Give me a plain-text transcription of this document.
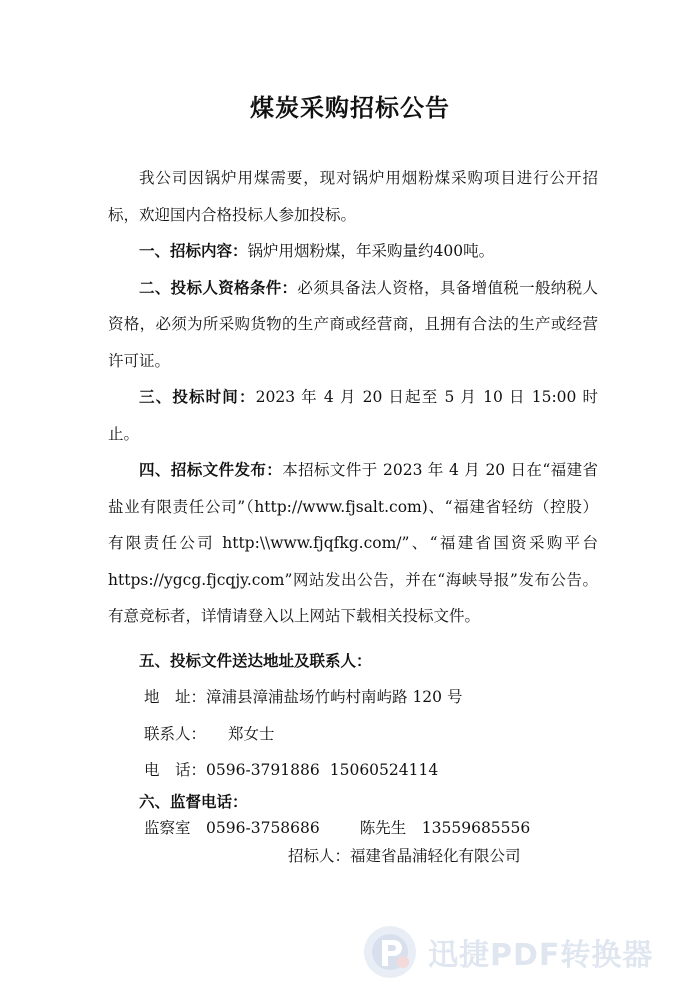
煤炭采购招标公告

我公司因锅炉用煤需要，现对锅炉用烟粉煤采购项目进行公开招标，欢迎国内合格投标人参加投标。

一、招标内容：锅炉用烟粉煤，年采购量约400吨。

二、投标人资格条件：必须具备法人资格，具备增值税一般纳税人资格，必须为所采购货物的生产商或经营商，且拥有合法的生产或经营许可证。

三、投标时间：2023 年 4 月 20 日起至 5 月 10 日 15:00 时止。

四、招标文件发布：本招标文件于 2023 年 4 月 20 日在“福建省盐业有限责任公司”（http://www.fjsalt.com)、“福建省轻纺（控股）有限责任公司 http:\\www.fjqfkg.com/”、“福建省国资采购平台 https://ygcg.fjcqjy.com”网站发出公告，并在“海峡导报”发布公告。有意竞标者，详情请登入以上网站下载相关投标文件。

五、投标文件送达地址及联系人：

地　址：漳浦县漳浦盐场竹屿村南屿路 120 号

联系人： 郑女士

电　话：0596-3791886 15060524114

六、监督电话：

监察室　 0596-3758686	陈先生　 13559685556

招标人：福建省晶浦轻化有限公司

迅捷PDF转换器
